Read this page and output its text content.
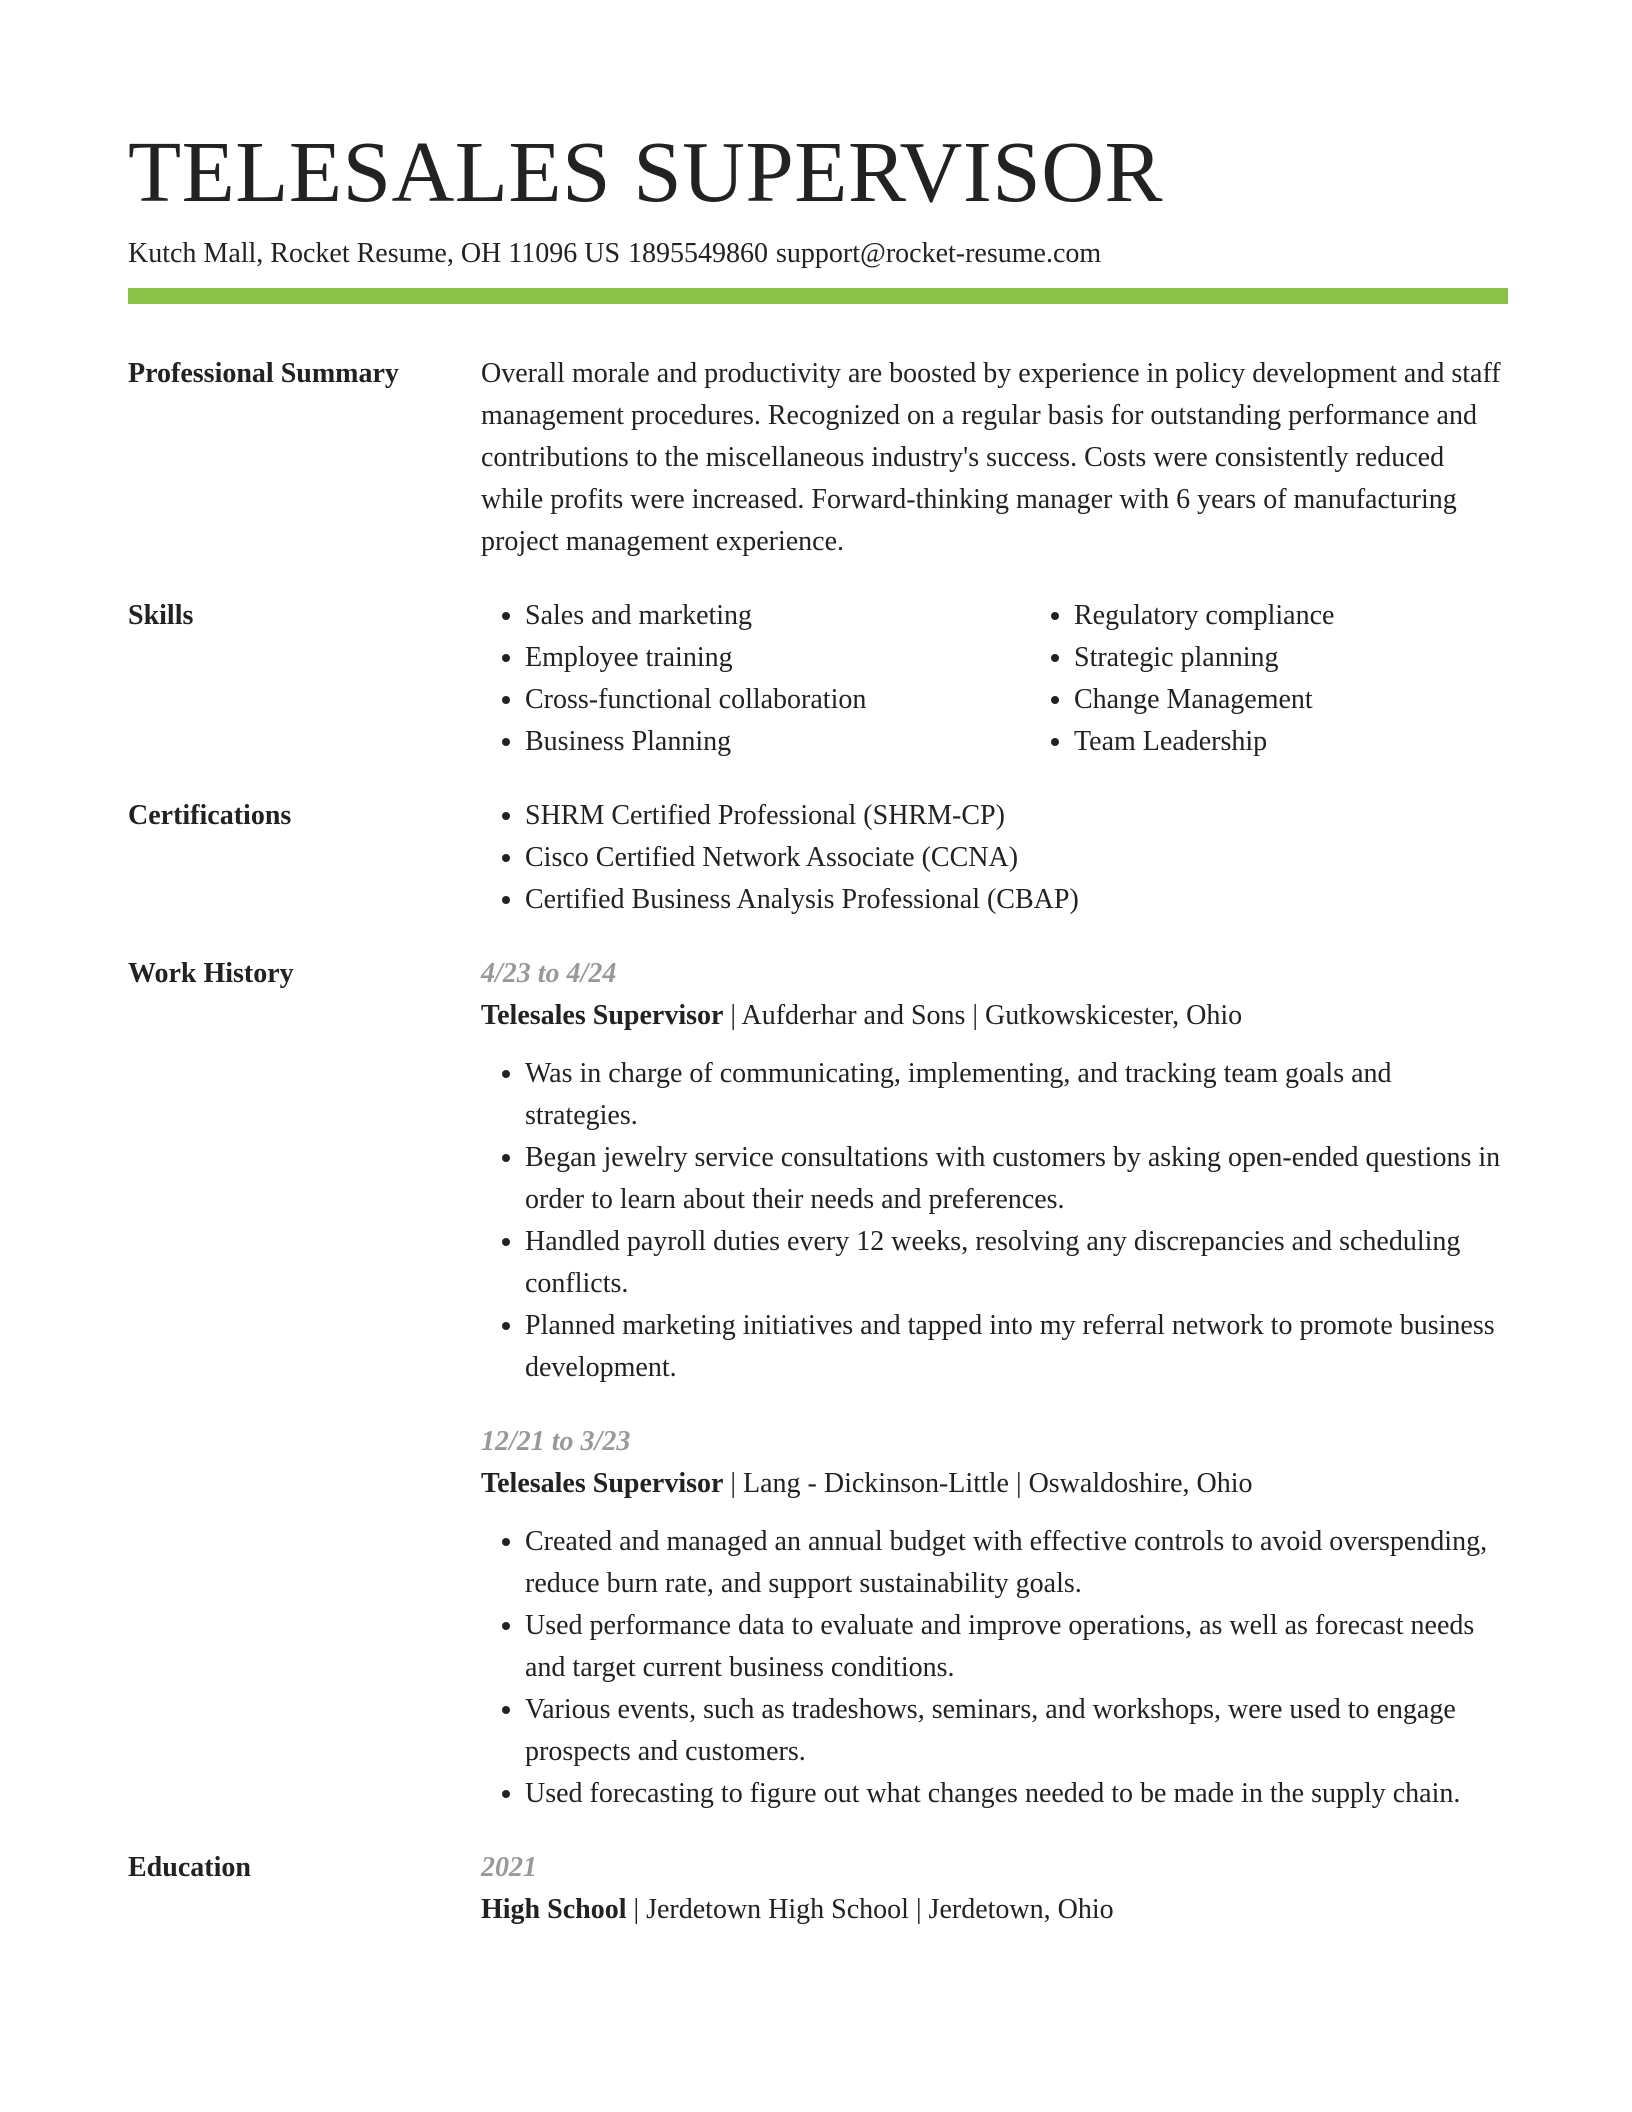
TELESALES SUPERVISOR
Kutch Mall, Rocket Resume, OH 11096 US 1895549860 support@rocket-resume.com
Professional Summary	Overall morale and productivity are boosted by experience in policy development and staff management procedures. Recognized on a regular basis for outstanding performance and contributions to the miscellaneous industry's success. Costs were consistently reduced while profits were increased. Forward-thinking manager with 6 years of manufacturing project management experience.

Skills	• Sales and marketing
• Employee training
• Cross-functional collaboration
• Business Planning
• Regulatory compliance
• Strategic planning
• Change Management
• Team Leadership
Certifications	• SHRM Certified Professional (SHRM-CP)
• Cisco Certified Network Associate (CCNA)
• Certified Business Analysis Professional (CBAP)
Work History	4/23 to 4/24
Telesales Supervisor | Aufderhar and Sons | Gutkowskicester, Ohio
• Was in charge of communicating, implementing, and tracking team goals and strategies.
• Began jewelry service consultations with customers by asking open-ended questions in order to learn about their needs and preferences.
• Handled payroll duties every 12 weeks, resolving any discrepancies and scheduling conflicts.
• Planned marketing initiatives and tapped into my referral network to promote business development.
12/21 to 3/23
Telesales Supervisor | Lang - Dickinson-Little | Oswaldoshire, Ohio
• Created and managed an annual budget with effective controls to avoid overspending, reduce burn rate, and support sustainability goals.
• Used performance data to evaluate and improve operations, as well as forecast needs and target current business conditions.
• Various events, such as tradeshows, seminars, and workshops, were used to engage prospects and customers.
• Used forecasting to figure out what changes needed to be made in the supply chain.
Education	2021
High School | Jerdetown High School | Jerdetown, Ohio
